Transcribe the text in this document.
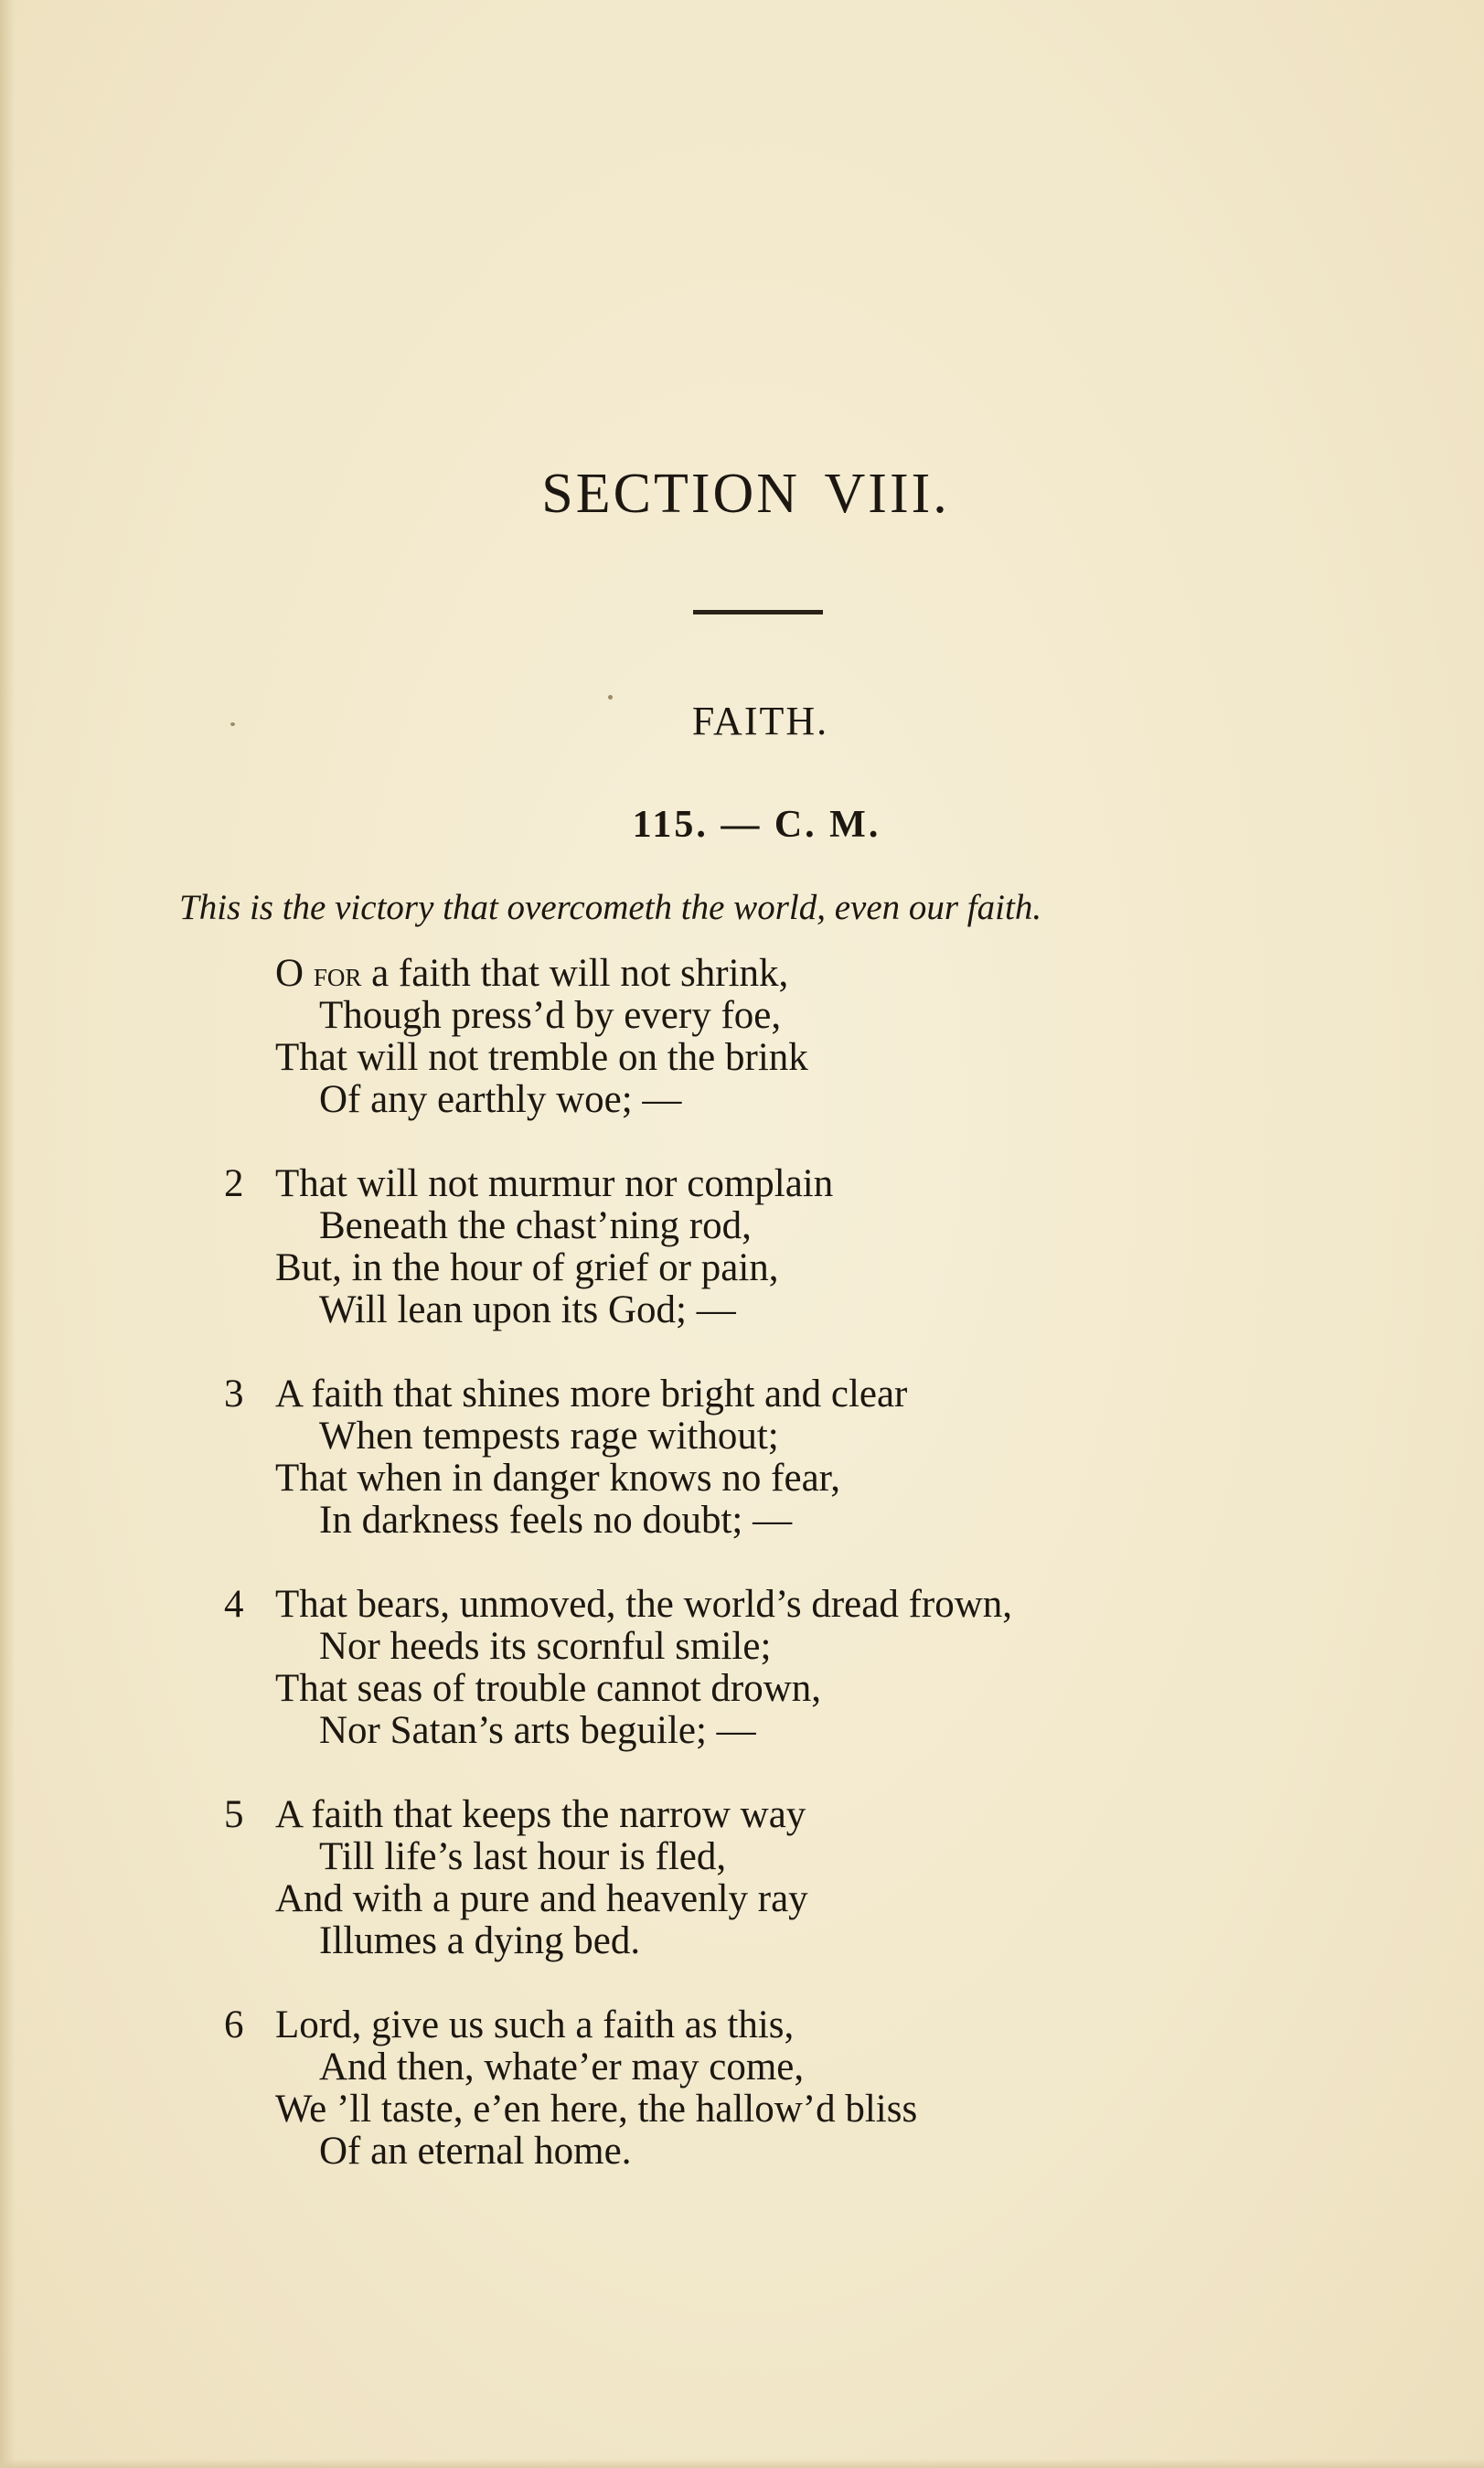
SECTION VIII.
FAITH.
115. — C. M.
This is the victory that overcometh the world, even our faith.
O for a faith that will not shrink,
Though press’d by every foe,
That will not tremble on the brink
Of any earthly woe; —
2 That will not murmur nor complain
Beneath the chast’ning rod,
But, in the hour of grief or pain,
Will lean upon its God; —
3 A faith that shines more bright and clear
When tempests rage without;
That when in danger knows no fear,
In darkness feels no doubt; —
4 That bears, unmoved, the world’s dread frown,
Nor heeds its scornful smile;
That seas of trouble cannot drown,
Nor Satan’s arts beguile; —
5 A faith that keeps the narrow way
Till life’s last hour is fled,
And with a pure and heavenly ray
Illumes a dying bed.
6 Lord, give us such a faith as this,
And then, whate’er may come,
We ’ll taste, e’en here, the hallow’d bliss
Of an eternal home.
